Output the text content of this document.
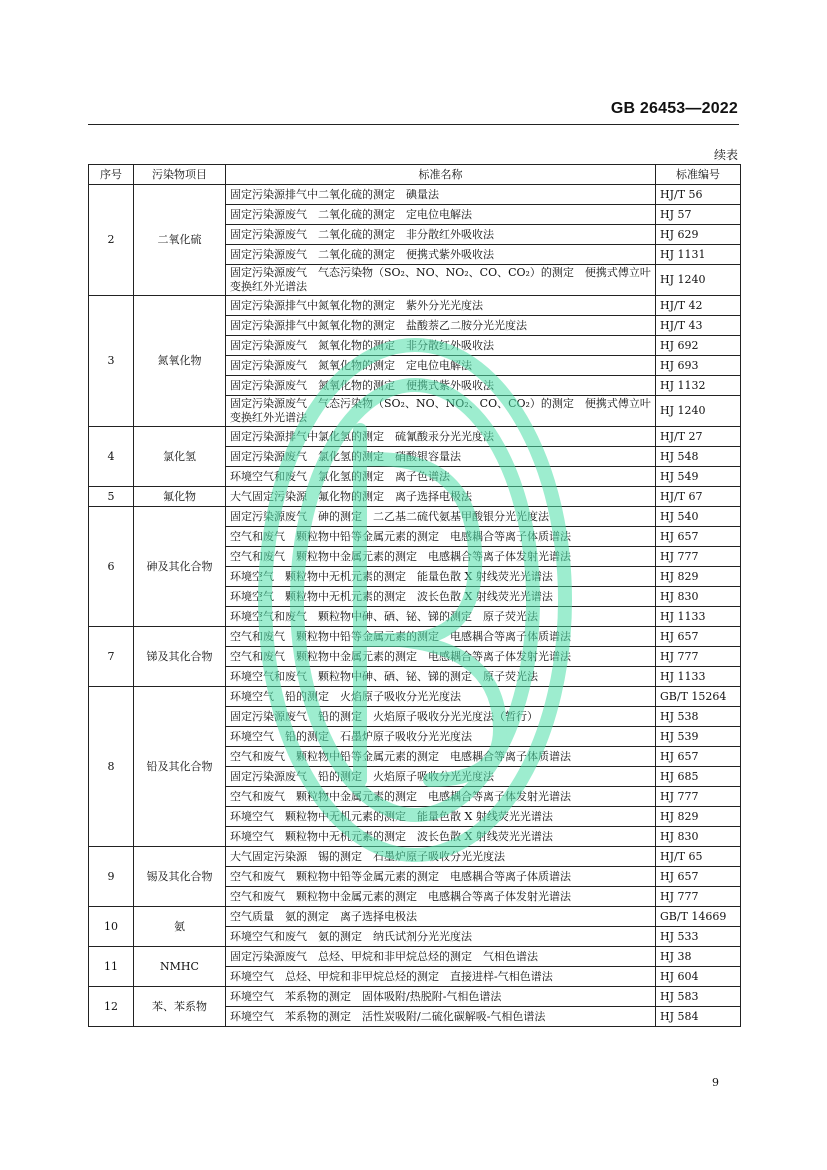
GB 26453—2022
续表
序号	污染物项目	标准名称	标准编号
2	二氧化硫	固定污染源排气中二氧化硫的测定　碘量法	HJ/T 56
		固定污染源废气　二氧化硫的测定　定电位电解法	HJ 57
		固定污染源废气　二氧化硫的测定　非分散红外吸收法	HJ 629
		固定污染源废气　二氧化硫的测定　便携式紫外吸收法	HJ 1131
		固定污染源废气　气态污染物（SO₂、NO、NO₂、CO、CO₂）的测定　便携式傅立叶变换红外光谱法	HJ 1240
3	氮氧化物	固定污染源排气中氮氧化物的测定　紫外分光光度法	HJ/T 42
		固定污染源排气中氮氧化物的测定　盐酸萘乙二胺分光光度法	HJ/T 43
		固定污染源废气　氮氧化物的测定　非分散红外吸收法	HJ 692
		固定污染源废气　氮氧化物的测定　定电位电解法	HJ 693
		固定污染源废气　氮氧化物的测定　便携式紫外吸收法	HJ 1132
		固定污染源废气　气态污染物（SO₂、NO、NO₂、CO、CO₂）的测定　便携式傅立叶变换红外光谱法	HJ 1240
4	氯化氢	固定污染源排气中氯化氢的测定　硫氰酸汞分光光度法	HJ/T 27
		固定污染源废气　氯化氢的测定　硝酸银容量法	HJ 548
		环境空气和废气　氯化氢的测定　离子色谱法	HJ 549
5	氟化物	大气固定污染源　氟化物的测定　离子选择电极法	HJ/T 67
6	砷及其化合物	固定污染源废气　砷的测定　二乙基二硫代氨基甲酸银分光光度法	HJ 540
		空气和废气　颗粒物中铅等金属元素的测定　电感耦合等离子体质谱法	HJ 657
		空气和废气　颗粒物中金属元素的测定　电感耦合等离子体发射光谱法	HJ 777
		环境空气　颗粒物中无机元素的测定　能量色散 X 射线荧光光谱法	HJ 829
		环境空气　颗粒物中无机元素的测定　波长色散 X 射线荧光光谱法	HJ 830
		环境空气和废气　颗粒物中砷、硒、铋、锑的测定　原子荧光法	HJ 1133
7	锑及其化合物	空气和废气　颗粒物中铅等金属元素的测定　电感耦合等离子体质谱法	HJ 657
		空气和废气　颗粒物中金属元素的测定　电感耦合等离子体发射光谱法	HJ 777
		环境空气和废气　颗粒物中砷、硒、铋、锑的测定　原子荧光法	HJ 1133
8	铅及其化合物	环境空气　铅的测定　火焰原子吸收分光光度法	GB/T 15264
		固定污染源废气　铅的测定　火焰原子吸收分光光度法（暂行）	HJ 538
		环境空气　铅的测定　石墨炉原子吸收分光光度法	HJ 539
		空气和废气　颗粒物中铅等金属元素的测定　电感耦合等离子体质谱法	HJ 657
		固定污染源废气　铅的测定　火焰原子吸收分光光度法	HJ 685
		空气和废气　颗粒物中金属元素的测定　电感耦合等离子体发射光谱法	HJ 777
		环境空气　颗粒物中无机元素的测定　能量色散 X 射线荧光光谱法	HJ 829
		环境空气　颗粒物中无机元素的测定　波长色散 X 射线荧光光谱法	HJ 830
9	锡及其化合物	大气固定污染源　锡的测定　石墨炉原子吸收分光光度法	HJ/T 65
		空气和废气　颗粒物中铅等金属元素的测定　电感耦合等离子体质谱法	HJ 657
		空气和废气　颗粒物中金属元素的测定　电感耦合等离子体发射光谱法	HJ 777
10	氨	空气质量　氨的测定　离子选择电极法	GB/T 14669
		环境空气和废气　氨的测定　纳氏试剂分光光度法	HJ 533
11	NMHC	固定污染源废气　总烃、甲烷和非甲烷总烃的测定　气相色谱法	HJ 38
		环境空气　总烃、甲烷和非甲烷总烃的测定　直接进样-气相色谱法	HJ 604
12	苯、苯系物	环境空气　苯系物的测定　固体吸附/热脱附-气相色谱法	HJ 583
		环境空气　苯系物的测定　活性炭吸附/二硫化碳解吸-气相色谱法	HJ 584
9
